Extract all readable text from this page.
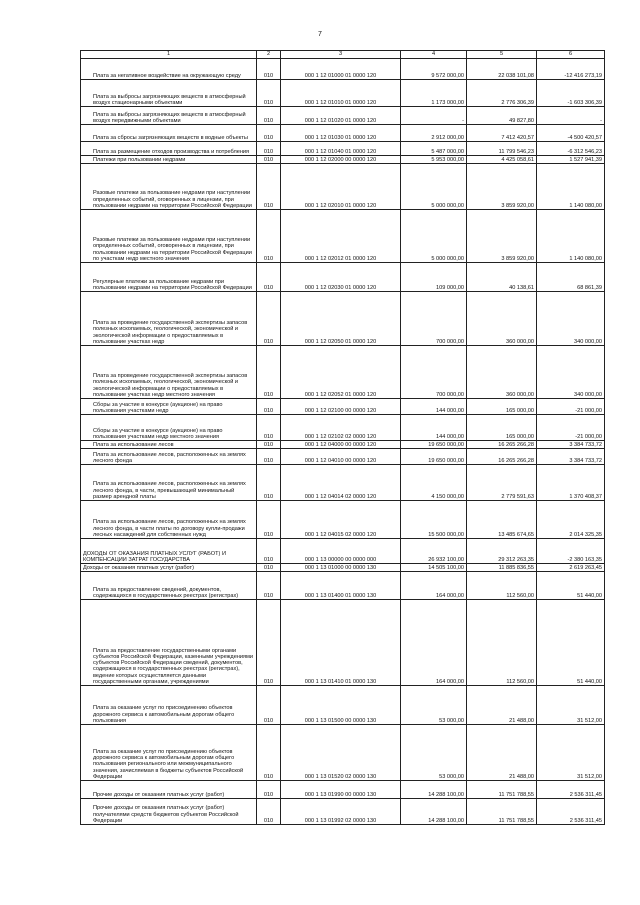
7
1	2	3	4	5	6
Плата за негативное воздействие на окружающую среду	010	000 1 12 01000 01 0000 120	9 572 000,00	22 038 101,08	-12 416 273,19
Плата за выбросы загрязняющих веществ в атмосферный воздух стационарными объектами	010	000 1 12 01010 01 0000 120	1 173 000,00	2 776 306,39	-1 603 306,39
Плата за выбросы загрязняющих веществ в атмосферный воздух передвижными объектами	010	000 1 12 01020 01 0000 120	-	49 827,80	-
Плата за сбросы загрязняющих веществ в водные объекты	010	000 1 12 01030 01 0000 120	2 912 000,00	7 412 420,57	-4 500 420,57
Плата за размещение отходов производства и потребления	010	000 1 12 01040 01 0000 120	5 487 000,00	11 799 546,23	-6 312 546,23
Платежи при пользовании недрами	010	000 1 12 02000 00 0000 120	5 953 000,00	4 425 058,61	1 527 941,39
Разовые платежи за пользование недрами при наступлении определенных событий, оговоренных в лицензии, при пользовании недрами на территории Российской Федерации	010	000 1 12 02010 01 0000 120	5 000 000,00	3 859 920,00	1 140 080,00
Разовые платежи за пользование недрами при наступлении определенных событий, оговоренных в лицензии, при пользовании недрами на территории Российской Федерации по участкам недр местного значения	010	000 1 12 02012 01 0000 120	5 000 000,00	3 859 920,00	1 140 080,00
Регулярные платежи за пользование недрами при пользовании недрами на территории Российской Федерации	010	000 1 12 02030 01 0000 120	109 000,00	40 138,61	68 861,39
Плата за проведение государственной экспертизы запасов полезных ископаемых, геологической, экономической и экологической информации о предоставляемых в пользование участках недр	010	000 1 12 02050 01 0000 120	700 000,00	360 000,00	340 000,00
Плата за проведение государственной экспертизы запасов полезных ископаемых, геологической, экономической и экологической информации о предоставляемых в пользование участках недр местного значения	010	000 1 12 02052 01 0000 120	700 000,00	360 000,00	340 000,00
Сборы за участие в конкурсе (аукционе) на право пользования участками недр	010	000 1 12 02100 00 0000 120	144 000,00	165 000,00	-21 000,00
Сборы за участие в конкурсе (аукционе) на право пользования участками недр местного значения	010	000 1 12 02102 02 0000 120	144 000,00	165 000,00	-21 000,00
Плата за использование лесов	010	000 1 12 04000 00 0000 120	19 650 000,00	16 265 266,28	3 384 733,72
Плата за использование лесов, расположенных на землях лесного фонда	010	000 1 12 04010 00 0000 120	19 650 000,00	16 265 266,28	3 384 733,72
Плата за использование лесов, расположенных на землях лесного фонда, в части, превышающей минимальный размер арендной платы	010	000 1 12 04014 02 0000 120	4 150 000,00	2 779 591,63	1 370 408,37
Плата за использование лесов, расположенных на землях лесного фонда, в части платы по договору купли-продажи лесных насаждений для собственных нужд	010	000 1 12 04015 02 0000 120	15 500 000,00	13 485 674,65	2 014 325,35
ДОХОДЫ ОТ ОКАЗАНИЯ ПЛАТНЫХ УСЛУГ (РАБОТ) И КОМПЕНСАЦИИ ЗАТРАТ ГОСУДАРСТВА	010	000 1 13 00000 00 0000 000	26 932 100,00	29 312 263,35	-2 380 163,35
Доходы от оказания платных услуг (работ)	010	000 1 13 01000 00 0000 130	14 505 100,00	11 885 836,55	2 619 263,45
Плата за предоставление сведений, документов, содержащихся в государственных реестрах (регистрах)	010	000 1 13 01400 01 0000 130	164 000,00	112 560,00	51 440,00
Плата за предоставление государственными органами субъектов Российской Федерации, казенными учреждениями субъектов Российской Федерации сведений, документов, содержащихся в государственных реестрах (регистрах), ведение которых осуществляется данными государственными органами, учреждениями	010	000 1 13 01410 01 0000 130	164 000,00	112 560,00	51 440,00
Плата за оказание услуг по присоединению объектов дорожного сервиса к автомобильным дорогам общего пользования	010	000 1 13 01500 00 0000 130	53 000,00	21 488,00	31 512,00
Плата за оказание услуг по присоединению объектов дорожного сервиса к автомобильным дорогам общего пользования регионального или межмуниципального значения, зачисляемая в бюджеты субъектов Российской Федерации	010	000 1 13 01520 02 0000 130	53 000,00	21 488,00	31 512,00
Прочие доходы от оказания платных услуг (работ)	010	000 1 13 01990 00 0000 130	14 288 100,00	11 751 788,55	2 536 311,45
Прочие доходы от оказания платных услуг (работ) получателями средств бюджетов субъектов Российской Федерации	010	000 1 13 01992 02 0000 130	14 288 100,00	11 751 788,55	2 536 311,45
